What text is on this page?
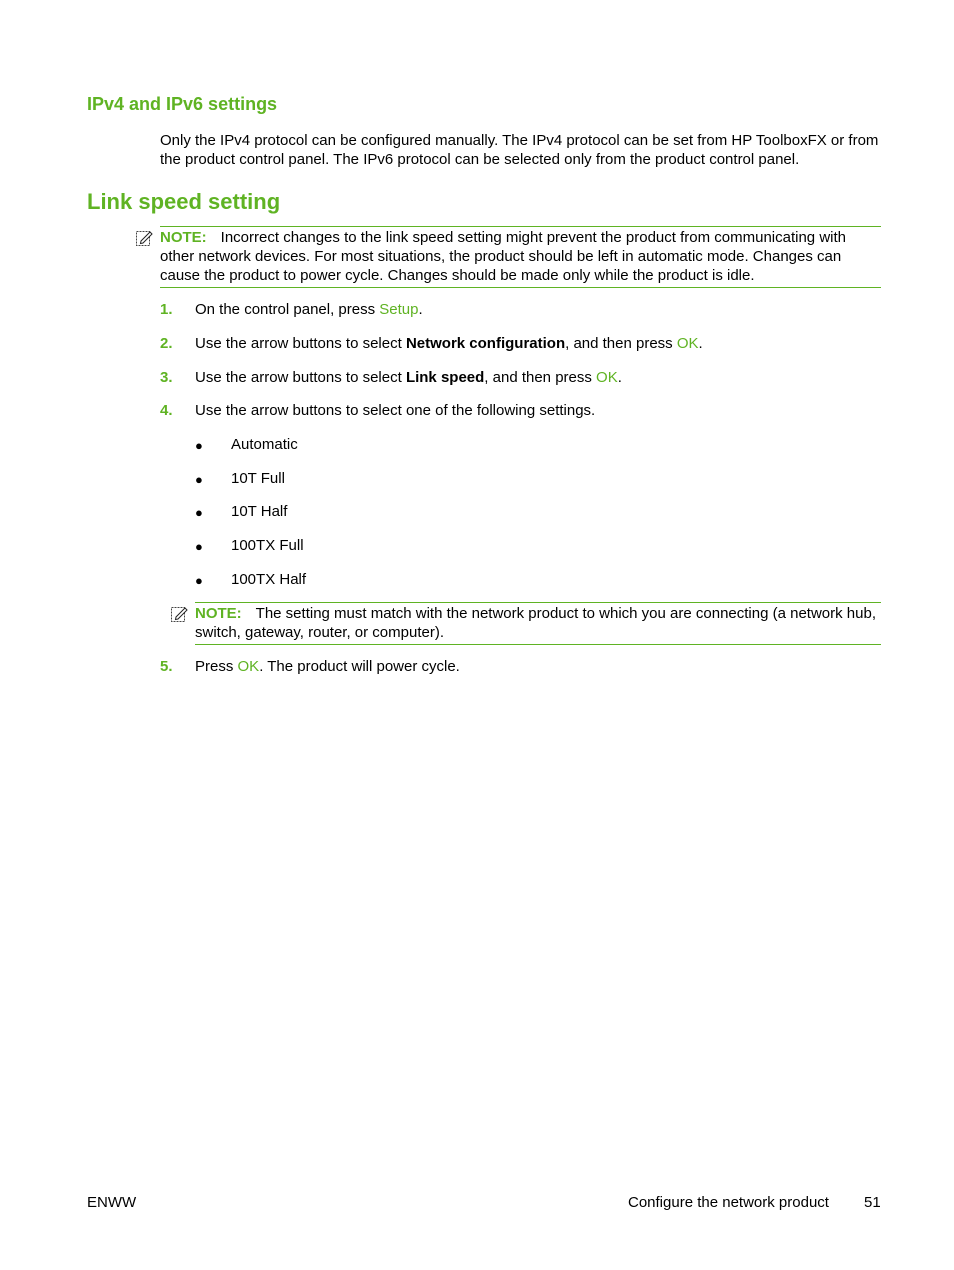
IPv4 and IPv6 settings
Only the IPv4 protocol can be configured manually. The IPv4 protocol can be set from HP ToolboxFX or from the product control panel. The IPv6 protocol can be selected only from the product control panel.
Link speed setting
NOTE: Incorrect changes to the link speed setting might prevent the product from communicating with other network devices. For most situations, the product should be left in automatic mode. Changes can cause the product to power cycle. Changes should be made only while the product is idle.
1. On the control panel, press Setup.
2. Use the arrow buttons to select Network configuration, and then press OK.
3. Use the arrow buttons to select Link speed, and then press OK.
4. Use the arrow buttons to select one of the following settings.
● Automatic
● 10T Full
● 10T Half
● 100TX Full
● 100TX Half
NOTE: The setting must match with the network product to which you are connecting (a network hub, switch, gateway, router, or computer).
5. Press OK. The product will power cycle.
ENWW	Configure the network product 51
